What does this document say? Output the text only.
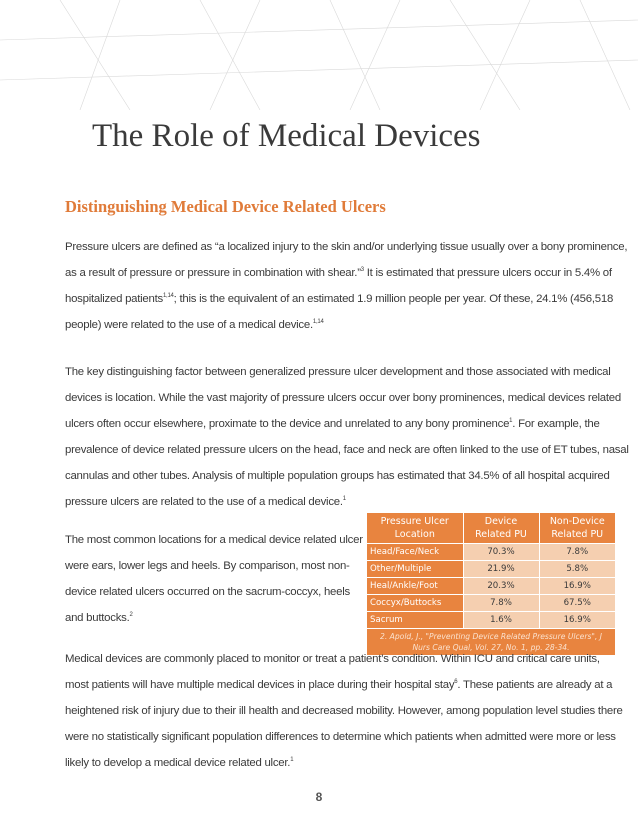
The Role of Medical Devices
Distinguishing Medical Device Related Ulcers

Pressure ulcers are defined as “a localized injury to the skin and/or underlying tissue usually over a bony prominence,
as a result of pressure or pressure in combination with shear.”$^3$ It is estimated that pressure ulcers occur in 5.4% of
hospitalized patients$^{1,14}$; this is the equivalent of an estimated 1.9 million people per year. Of these, 24.1% (456,518
people) were related to the use of a medical device.$^{1,14}$

The key distinguishing factor between generalized pressure ulcer development and those associated with medical
devices is location. While the vast majority of pressure ulcers occur over bony prominences, medical devices related
ulcers often occur elsewhere, proximate to the device and unrelated to any bony prominence$^1$. For example, the
prevalence of device related pressure ulcers on the head, face and neck are often linked to the use of ET tubes, nasal
cannulas and other tubes. Analysis of multiple population groups has estimated that 34.5% of all hospital acquired
pressure ulcers are related to the use of a medical device.$^1$

The most common locations for a medical device related ulcer
were ears, lower legs and heels. By comparison, most non-
device related ulcers occurred on the sacrum-coccyx, heels
and buttocks.$^2$

Pressure Ulcer Location	Device Related PU	Non-Device Related PU
Head/Face/Neck	70.3%	7.8%
Other/Multiple	21.9%	5.8%
Heal/Ankle/Foot	20.3%	16.9%
Coccyx/Buttocks	7.8%	67.5%
Sacrum	1.6%	16.9%
2. Apold, J., "Preventing Device Related Pressure Ulcers", J Nurs Care Qual, Vol. 27, No. 1, pp. 28-34.

Medical devices are commonly placed to monitor or treat a patient’s condition. Within ICU and critical care units,
most patients will have multiple medical devices in place during their hospital stay$^6$. These patients are already at a
heightened risk of injury due to their ill health and decreased mobility. However, among population level studies there
were no statistically significant population differences to determine which patients when admitted were more or less
likely to develop a medical device related ulcer.$^1$

8
